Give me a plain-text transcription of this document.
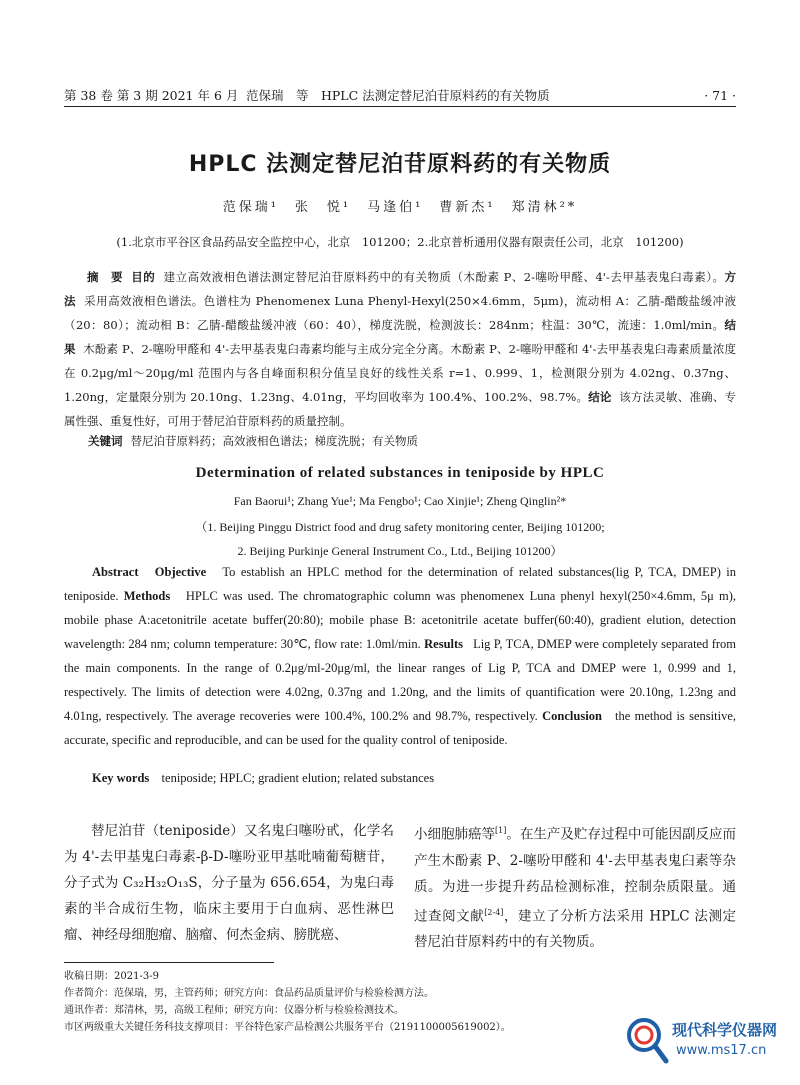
第 38 卷 第 3 期 2021 年 6 月 范保瑞　等　HPLC 法测定替尼泊苷原料药的有关物质	· 71 ·
HPLC 法测定替尼泊苷原料药的有关物质
范保瑞¹　张　悦¹　马逢伯¹　曹新杰¹　郑清林²*
(1.北京市平谷区食品药品安全监控中心，北京　101200；2.北京普析通用仪器有限责任公司，北京　101200)
摘　要 目的 建立高效液相色谱法测定替尼泊苷原料药中的有关物质（木酚素 P、2-噻吩甲醛、4'-去甲基表鬼臼毒素）。方法 采用高效液相色谱法。色谱柱为 Phenomenex Luna Phenyl-Hexyl(250×4.6mm，5μm)，流动相 A：乙腈-醋酸盐缓冲液（20：80）；流动相 B：乙腈-醋酸盐缓冲液（60：40），梯度洗脱，检测波长：284nm；柱温：30℃，流速：1.0ml/min。结果 木酚素 P、2-噻吩甲醛和 4'-去甲基表鬼臼毒素均能与主成分完全分离。木酚素 P、2-噻吩甲醛和 4'-去甲基表鬼臼毒素质量浓度在 0.2μg/ml～20μg/ml 范围内与各自峰面积积分值呈良好的线性关系 r=1、0.999、1，检测限分别为 4.02ng、0.37ng、1.20ng，定量限分别为 20.10ng、1.23ng、4.01ng，平均回收率为 100.4%、100.2%、98.7%。结论 该方法灵敏、准确、专属性强、重复性好，可用于替尼泊苷原料药的质量控制。
关键词 替尼泊苷原料药；高效液相色谱法；梯度洗脱；有关物质
Determination of related substances in teniposide by HPLC
Fan Baorui¹; Zhang Yue¹; Ma Fengbo¹; Cao Xinjie¹; Zheng Qinglin²*
（1. Beijing Pinggu District food and drug safety monitoring center, Beijing 101200;
2. Beijing Purkinje General Instrument Co., Ltd., Beijing 101200）
Abstract Objective To establish an HPLC method for the determination of related substances(lig P, TCA, DMEP) in teniposide. Methods HPLC was used. The chromatographic column was phenomenex Luna phenyl hexyl(250×4.6mm, 5μ m), mobile phase A:acetonitrile acetate buffer(20:80); mobile phase B: acetonitrile acetate buffer(60:40), gradient elution, detection wavelength: 284 nm; column temperature: 30℃, flow rate: 1.0ml/min. Results Lig P, TCA, DMEP were completely separated from the main components. In the range of 0.2μg/ml-20μg/ml, the linear ranges of Lig P, TCA and DMEP were 1, 0.999 and 1, respectively. The limits of detection were 4.02ng, 0.37ng and 1.20ng, and the limits of quantification were 20.10ng, 1.23ng and 4.01ng, respectively. The average recoveries were 100.4%, 100.2% and 98.7%, respectively. Conclusion the method is sensitive, accurate, specific and reproducible, and can be used for the quality control of teniposide.
Key words teniposide; HPLC; gradient elution; related substances
替尼泊苷（teniposide）又名鬼臼噻吩甙，化学名为 4'-去甲基鬼臼毒素-β-D-噻吩亚甲基吡喃葡萄糖苷，分子式为 C₃₂H₃₂O₁₃S，分子量为 656.654，为鬼臼毒素的半合成衍生物，临床主要用于白血病、恶性淋巴瘤、神经母细胞瘤、脑瘤、何杰金病、膀胱癌、
小细胞肺癌等[1]。在生产及贮存过程中可能因副反应而产生木酚素 P、2-噻吩甲醛和 4'-去甲基表鬼臼素等杂质。为进一步提升药品检测标准，控制杂质限量。通过查阅文献[2-4]，建立了分析方法采用 HPLC 法测定替尼泊苷原料药中的有关物质。
收稿日期：2021-3-9
作者简介：范保瑞，男，主管药师；研究方向：食品药品质量评价与检验检测方法。
通讯作者：郑清林，男，高级工程师；研究方向：仪器分析与检验检测技术。
市区两级重大关键任务科技支撑项目：平谷特色家产品检测公共服务平台（2191100005619002）。	现代科学仪器网
www.ms17.cn
